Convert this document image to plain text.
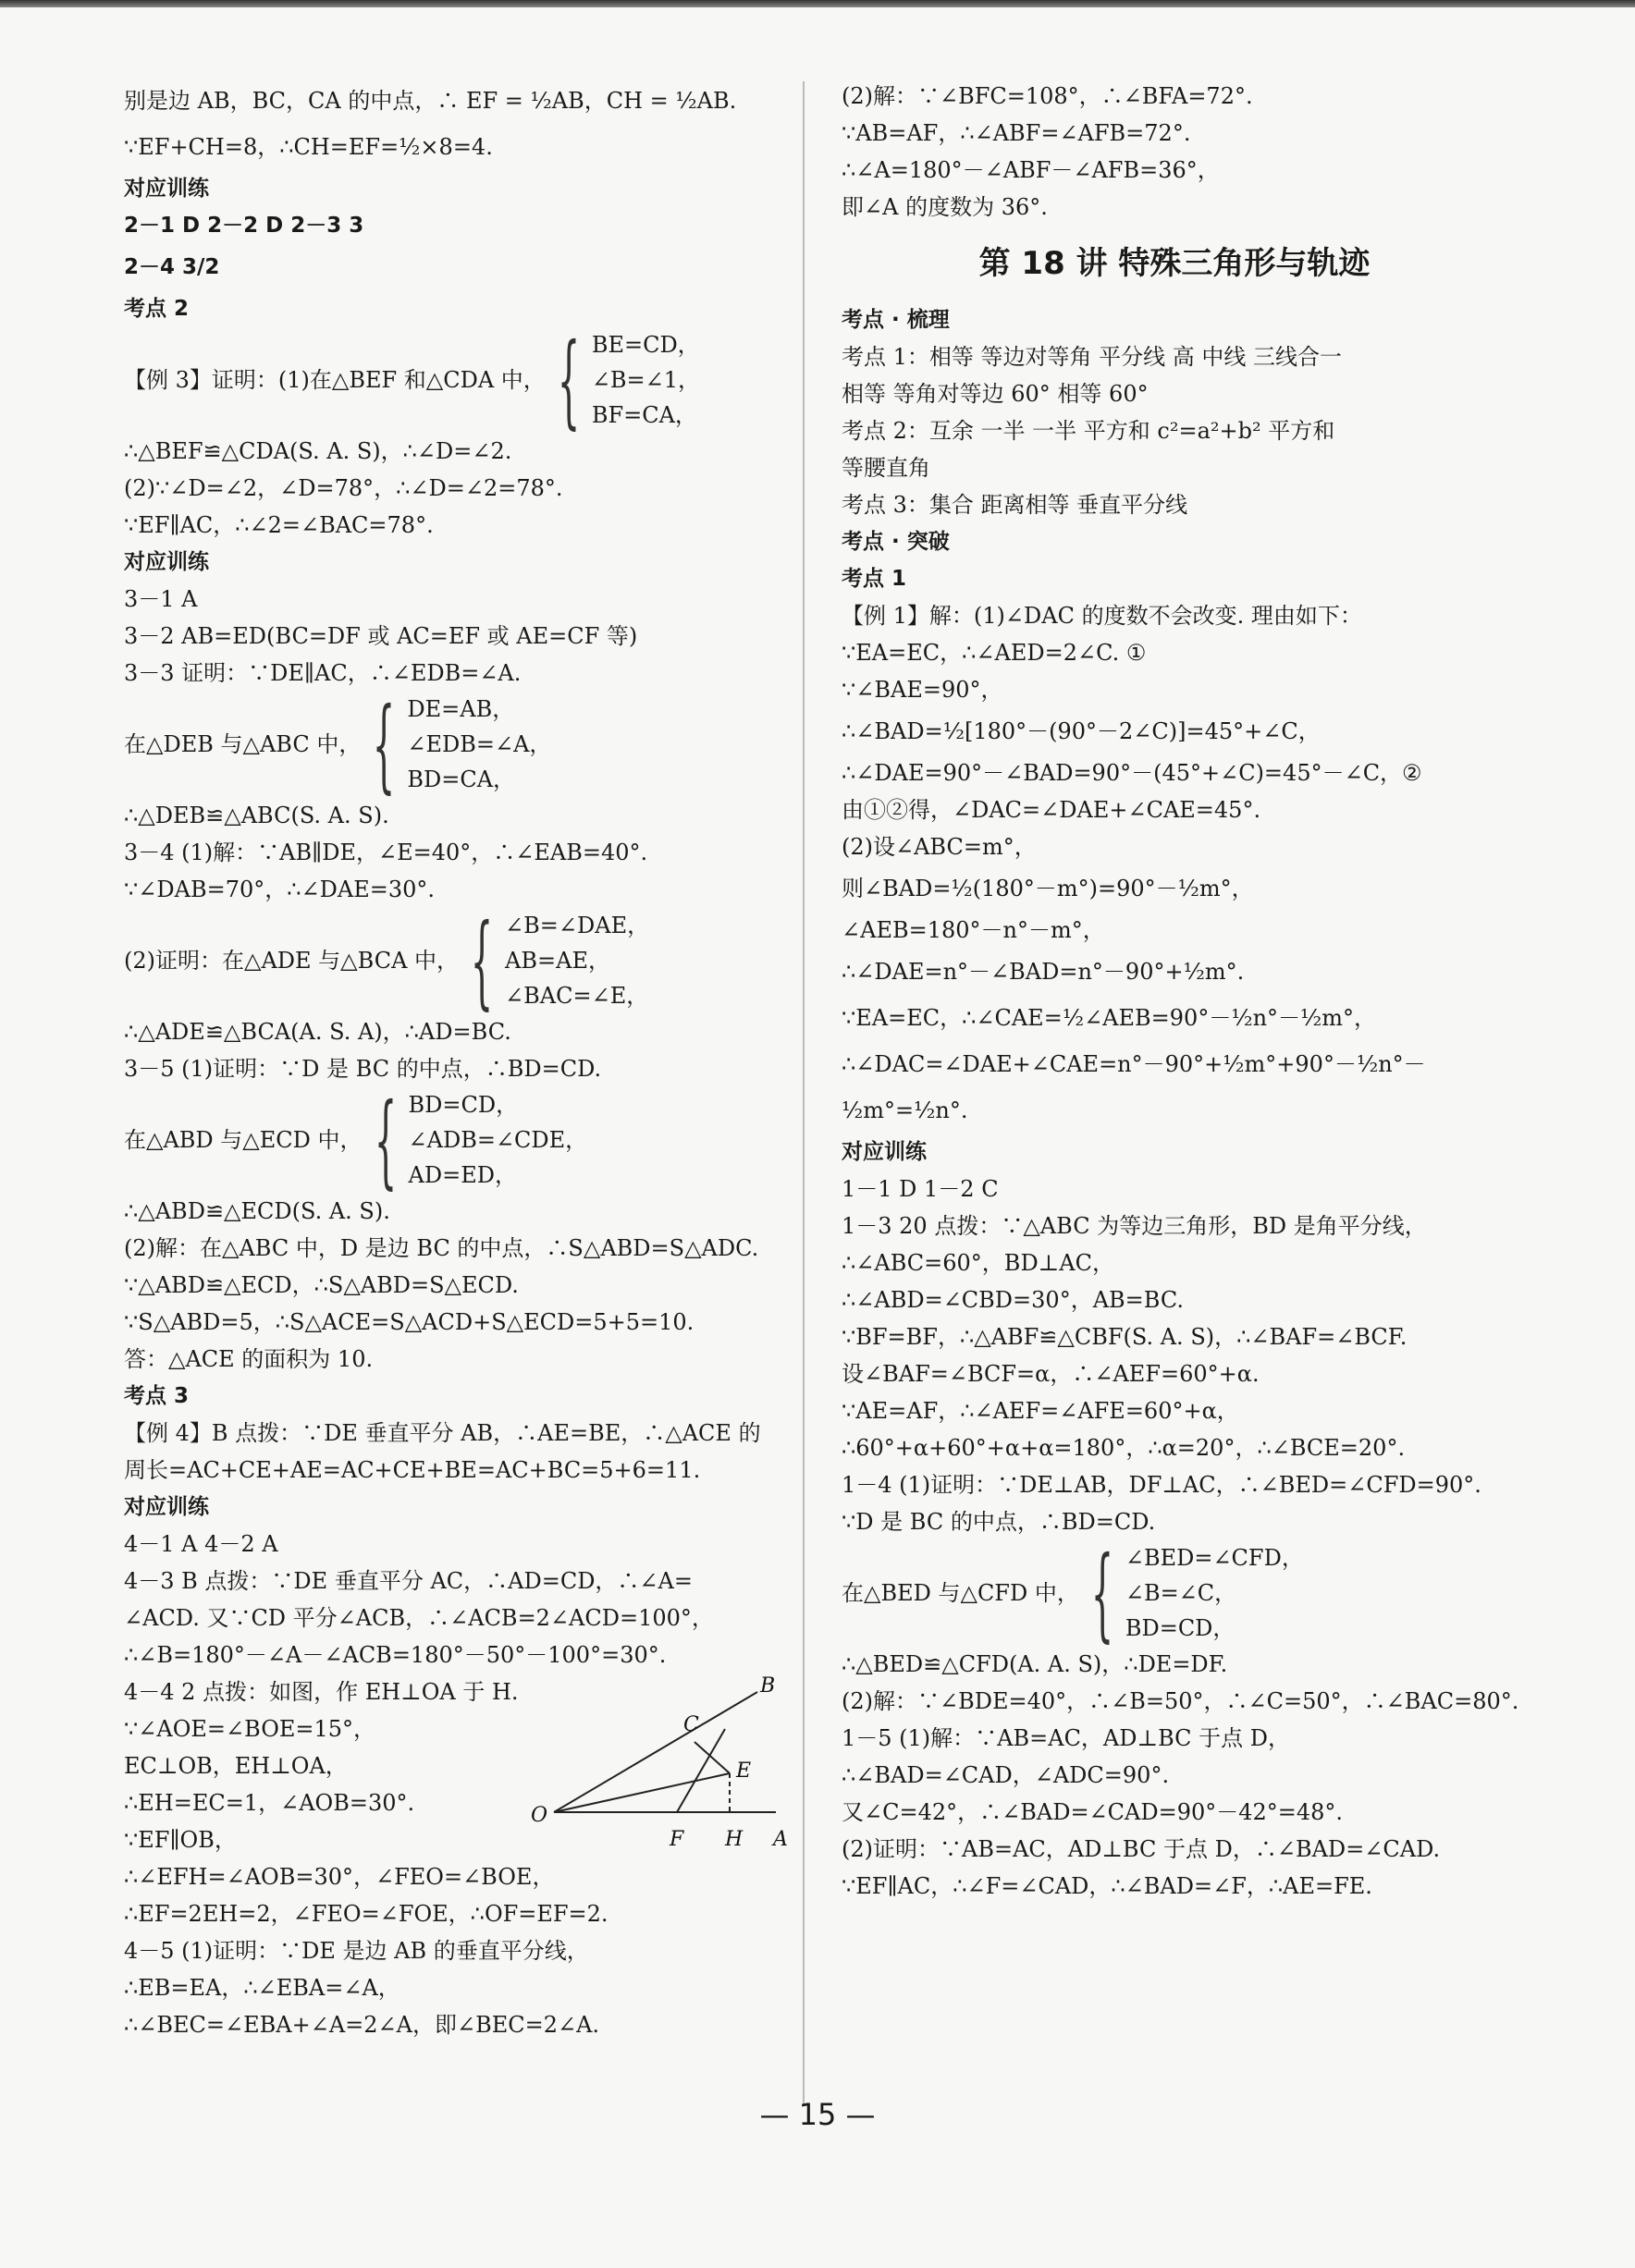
别是边 AB，BC，CA 的中点，∴ EF = ½AB，CH = ½AB.
∵EF+CH=8，∴CH=EF=½×8=4.
对应训练
2－1 D 2－2 D 2－3 3
2－4 3/2
考点 2
【例 3】证明：(1)在△BEF 和△CDA 中， { BE=CD，
∠B=∠1，
BF=CA，
∴△BEF≌△CDA(S. A. S)，∴∠D=∠2.
(2)∵∠D=∠2，∠D=78°，∴∠D=∠2=78°.
∵EF∥AC，∴∠2=∠BAC=78°.
对应训练
3－1 A
3－2 AB=ED(BC=DF 或 AC=EF 或 AE=CF 等)
3－3 证明：∵DE∥AC，∴∠EDB=∠A.
在△DEB 与△ABC 中， { DE=AB，
∠EDB=∠A，
BD=CA，
∴△DEB≌△ABC(S. A. S).
3－4 (1)解：∵AB∥DE，∠E=40°，∴∠EAB=40°.
∵∠DAB=70°，∴∠DAE=30°.
(2)证明：在△ADE 与△BCA 中， { ∠B=∠DAE，
AB=AE，
∠BAC=∠E，
∴△ADE≌△BCA(A. S. A)，∴AD=BC.
3－5 (1)证明：∵D 是 BC 的中点，∴BD=CD.
在△ABD 与△ECD 中， { BD=CD，
∠ADB=∠CDE，
AD=ED，
∴△ABD≌△ECD(S. A. S).
(2)解：在△ABC 中，D 是边 BC 的中点，∴S△ABD=S△ADC.
∵△ABD≌△ECD，∴S△ABD=S△ECD.
∵S△ABD=5，∴S△ACE=S△ACD+S△ECD=5+5=10.
答：△ACE 的面积为 10.
考点 3
【例 4】B 点拨：∵DE 垂直平分 AB，∴AE=BE，∴△ACE 的
周长=AC+CE+AE=AC+CE+BE=AC+BC=5+6=11.
对应训练
4－1 A 4－2 A
4－3 B 点拨：∵DE 垂直平分 AC，∴AD=CD，∴∠A=
∠ACD. 又∵CD 平分∠ACB，∴∠ACB=2∠ACD=100°，
∴∠B=180°－∠A－∠ACB=180°－50°－100°=30°.
O
A
B
C
E
F H
4－4 2 点拨：如图，作 EH⊥OA 于 H.
∵∠AOE=∠BOE=15°，
EC⊥OB，EH⊥OA，
∴EH=EC=1，∠AOB=30°.
∵EF∥OB，
∴∠EFH=∠AOB=30°，∠FEO=∠BOE，
∴EF=2EH=2，∠FEO=∠FOE，∴OF=EF=2.
4－5 (1)证明：∵DE 是边 AB 的垂直平分线，
∴EB=EA，∴∠EBA=∠A，
∴∠BEC=∠EBA+∠A=2∠A，即∠BEC=2∠A.
(2)解：∵∠BFC=108°，∴∠BFA=72°.
∵AB=AF，∴∠ABF=∠AFB=72°.
∴∠A=180°－∠ABF－∠AFB=36°，
即∠A 的度数为 36°.
第 18 讲 特殊三角形与轨迹
考点 · 梳理
考点 1：相等 等边对等角 平分线 高 中线 三线合一
相等 等角对等边 60° 相等 60°
考点 2：互余 一半 一半 平方和 c²=a²+b² 平方和
等腰直角
考点 3：集合 距离相等 垂直平分线
考点 · 突破
考点 1
【例 1】解：(1)∠DAC 的度数不会改变. 理由如下：
∵EA=EC，∴∠AED=2∠C. ①
∵∠BAE=90°，
∴∠BAD=½[180°－(90°－2∠C)]=45°+∠C，
∴∠DAE=90°－∠BAD=90°－(45°+∠C)=45°－∠C，②
由①②得，∠DAC=∠DAE+∠CAE=45°.
(2)设∠ABC=m°，
则∠BAD=½(180°－m°)=90°－½m°，
∠AEB=180°－n°－m°，
∴∠DAE=n°－∠BAD=n°－90°+½m°.
∵EA=EC，∴∠CAE=½∠AEB=90°－½n°－½m°，
∴∠DAC=∠DAE+∠CAE=n°－90°+½m°+90°－½n°－
½m°=½n°.
对应训练
1－1 D 1－2 C
1－3 20 点拨：∵△ABC 为等边三角形，BD 是角平分线，
∴∠ABC=60°，BD⊥AC，
∴∠ABD=∠CBD=30°，AB=BC.
∵BF=BF，∴△ABF≌△CBF(S. A. S)，∴∠BAF=∠BCF.
设∠BAF=∠BCF=α，∴∠AEF=60°+α.
∵AE=AF，∴∠AEF=∠AFE=60°+α，
∴60°+α+60°+α+α=180°，∴α=20°，∴∠BCE=20°.
1－4 (1)证明：∵DE⊥AB，DF⊥AC，∴∠BED=∠CFD=90°.
∵D 是 BC 的中点，∴BD=CD.
在△BED 与△CFD 中， { ∠BED=∠CFD，
∠B=∠C，
BD=CD，
∴△BED≌△CFD(A. A. S)，∴DE=DF.
(2)解：∵∠BDE=40°，∴∠B=50°，∴∠C=50°，∴∠BAC=80°.
1－5 (1)解：∵AB=AC，AD⊥BC 于点 D，
∴∠BAD=∠CAD，∠ADC=90°.
又∠C=42°，∴∠BAD=∠CAD=90°－42°=48°.
(2)证明：∵AB=AC，AD⊥BC 于点 D，∴∠BAD=∠CAD.
∵EF∥AC，∴∠F=∠CAD，∴∠BAD=∠F，∴AE=FE.
— 15 —
